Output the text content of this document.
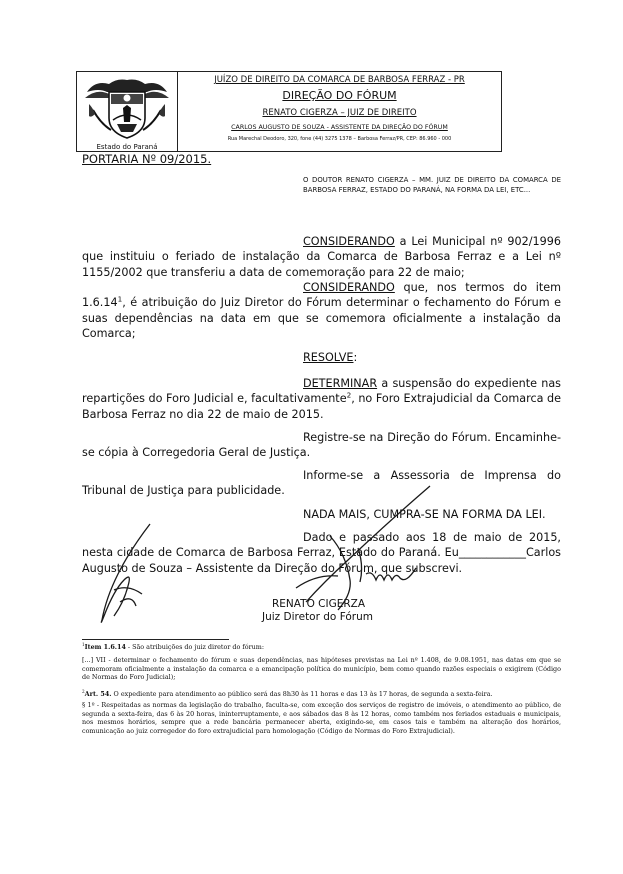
Estado do Paraná
JUÍZO DE DIREITO DA COMARCA DE BARBOSA FERRAZ - PR
DIREÇÃO DO FÓRUM
RENATO CIGERZA – JUIZ DE DIREITO
CARLOS AUGUSTO DE SOUZA - ASSISTENTE DA DIREÇÃO DO FÓRUM
Rua Marechal Deodoro, 320, fone (44) 3275 1378 – Barbosa Ferraz/PR, CEP: 86.960 - 000
PORTARIA Nº 09/2015.
O DOUTOR RENATO CIGERZA – MM. JUIZ DE DIREITO DA COMARCA DE BARBOSA FERRAZ, ESTADO DO PARANÁ, NA FORMA DA LEI, ETC...
CONSIDERANDO a Lei Municipal nº 902/1996 que instituiu o feriado de instalação da Comarca de Barbosa Ferraz e a Lei nº 1155/2002 que transferiu a data de comemoração para 22 de maio;
CONSIDERANDO que, nos termos do item 1.6.14$^1$, é atribuição do Juiz Diretor do Fórum determinar o fechamento do Fórum e suas dependências na data em que se comemora oficialmente a instalação da Comarca;
RESOLVE:
DETERMINAR a suspensão do expediente nas repartições do Foro Judicial e, facultativamente$^2$, no Foro Extrajudicial da Comarca de Barbosa Ferraz no dia 22 de maio de 2015.
Registre-se na Direção do Fórum. Encaminhe-se cópia à Corregedoria Geral de Justiça.
Informe-se a Assessoria de Imprensa do Tribunal de Justiça para publicidade.
NADA MAIS, CUMPRA-SE NA FORMA DA LEI.
Dado e passado aos 18 de maio de 2015, nesta cidade de Comarca de Barbosa Ferraz, Estado do Paraná. Eu____________Carlos Augusto de Souza – Assistente da Direção do Fórum, que subscrevi.
RENATO CIGERZA
Juiz Diretor do Fórum
$^1$Item 1.6.14 - São atribuições do juiz diretor do fórum:
[...] VII - determinar o fechamento do fórum e suas dependências, nas hipóteses previstas na Lei nº 1.408, de 9.08.1951, nas datas em que se comemoram oficialmente a instalação da comarca e a emancipação política do município, bem como quando razões especiais o exigirem (Código de Normas do Foro Judicial);
$^2$Art. 54. O expediente para atendimento ao público será das 8h30 às 11 horas e das 13 às 17 horas, de segunda a sexta-feira.
§ 1º - Respeitadas as normas da legislação do trabalho, faculta-se, com exceção dos serviços de registro de imóveis, o atendimento ao público, de segunda a sexta-feira, das 6 às 20 horas, ininterruptamente, e aos sábados das 8 às 12 horas, como também nos feriados estaduais e municipais, nos mesmos horários, sempre que a rede bancária permanecer aberta, exigindo-se, em casos tais e também na alteração dos horários, comunicação ao juiz corregedor do foro extrajudicial para homologação (Código de Normas do Foro Extrajudicial).
